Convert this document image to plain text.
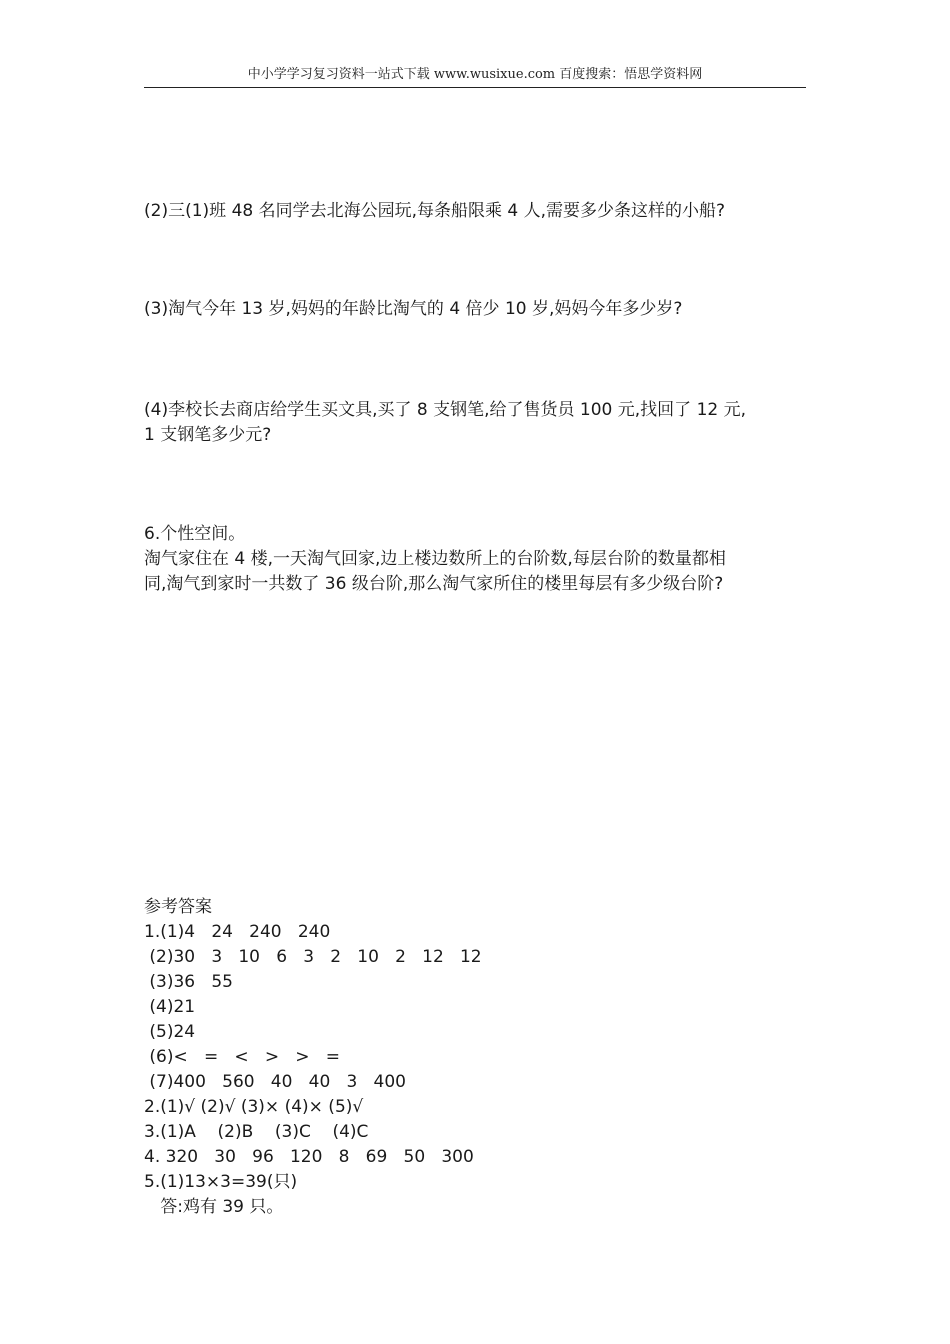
中小学学习复习资料一站式下载 www.wusixue.com 百度搜索：悟思学资料网
(2)三(1)班 48 名同学去北海公园玩,每条船限乘 4 人,需要多少条这样的小船?
(3)淘气今年 13 岁,妈妈的年龄比淘气的 4 倍少 10 岁,妈妈今年多少岁?
(4)李校长去商店给学生买文具,买了 8 支钢笔,给了售货员 100 元,找回了 12 元,
1 支钢笔多少元?
6.个性空间。
淘气家住在 4 楼,一天淘气回家,边上楼边数所上的台阶数,每层台阶的数量都相
同,淘气到家时一共数了 36 级台阶,那么淘气家所住的楼里每层有多少级台阶?
参考答案
1.(1)4   24   240   240
(2)30   3   10   6   3   2   10   2   12   12
(3)36   55
(4)21
(5)24
(6)<   =   <   >   >   =
(7)400   560   40   40   3   400
2.(1)√ (2)√ (3)× (4)× (5)√
3.(1)A    (2)B    (3)C    (4)C
4. 320   30   96   120   8   69   50   300
5.(1)13×3=39(只)
答:鸡有 39 只。
